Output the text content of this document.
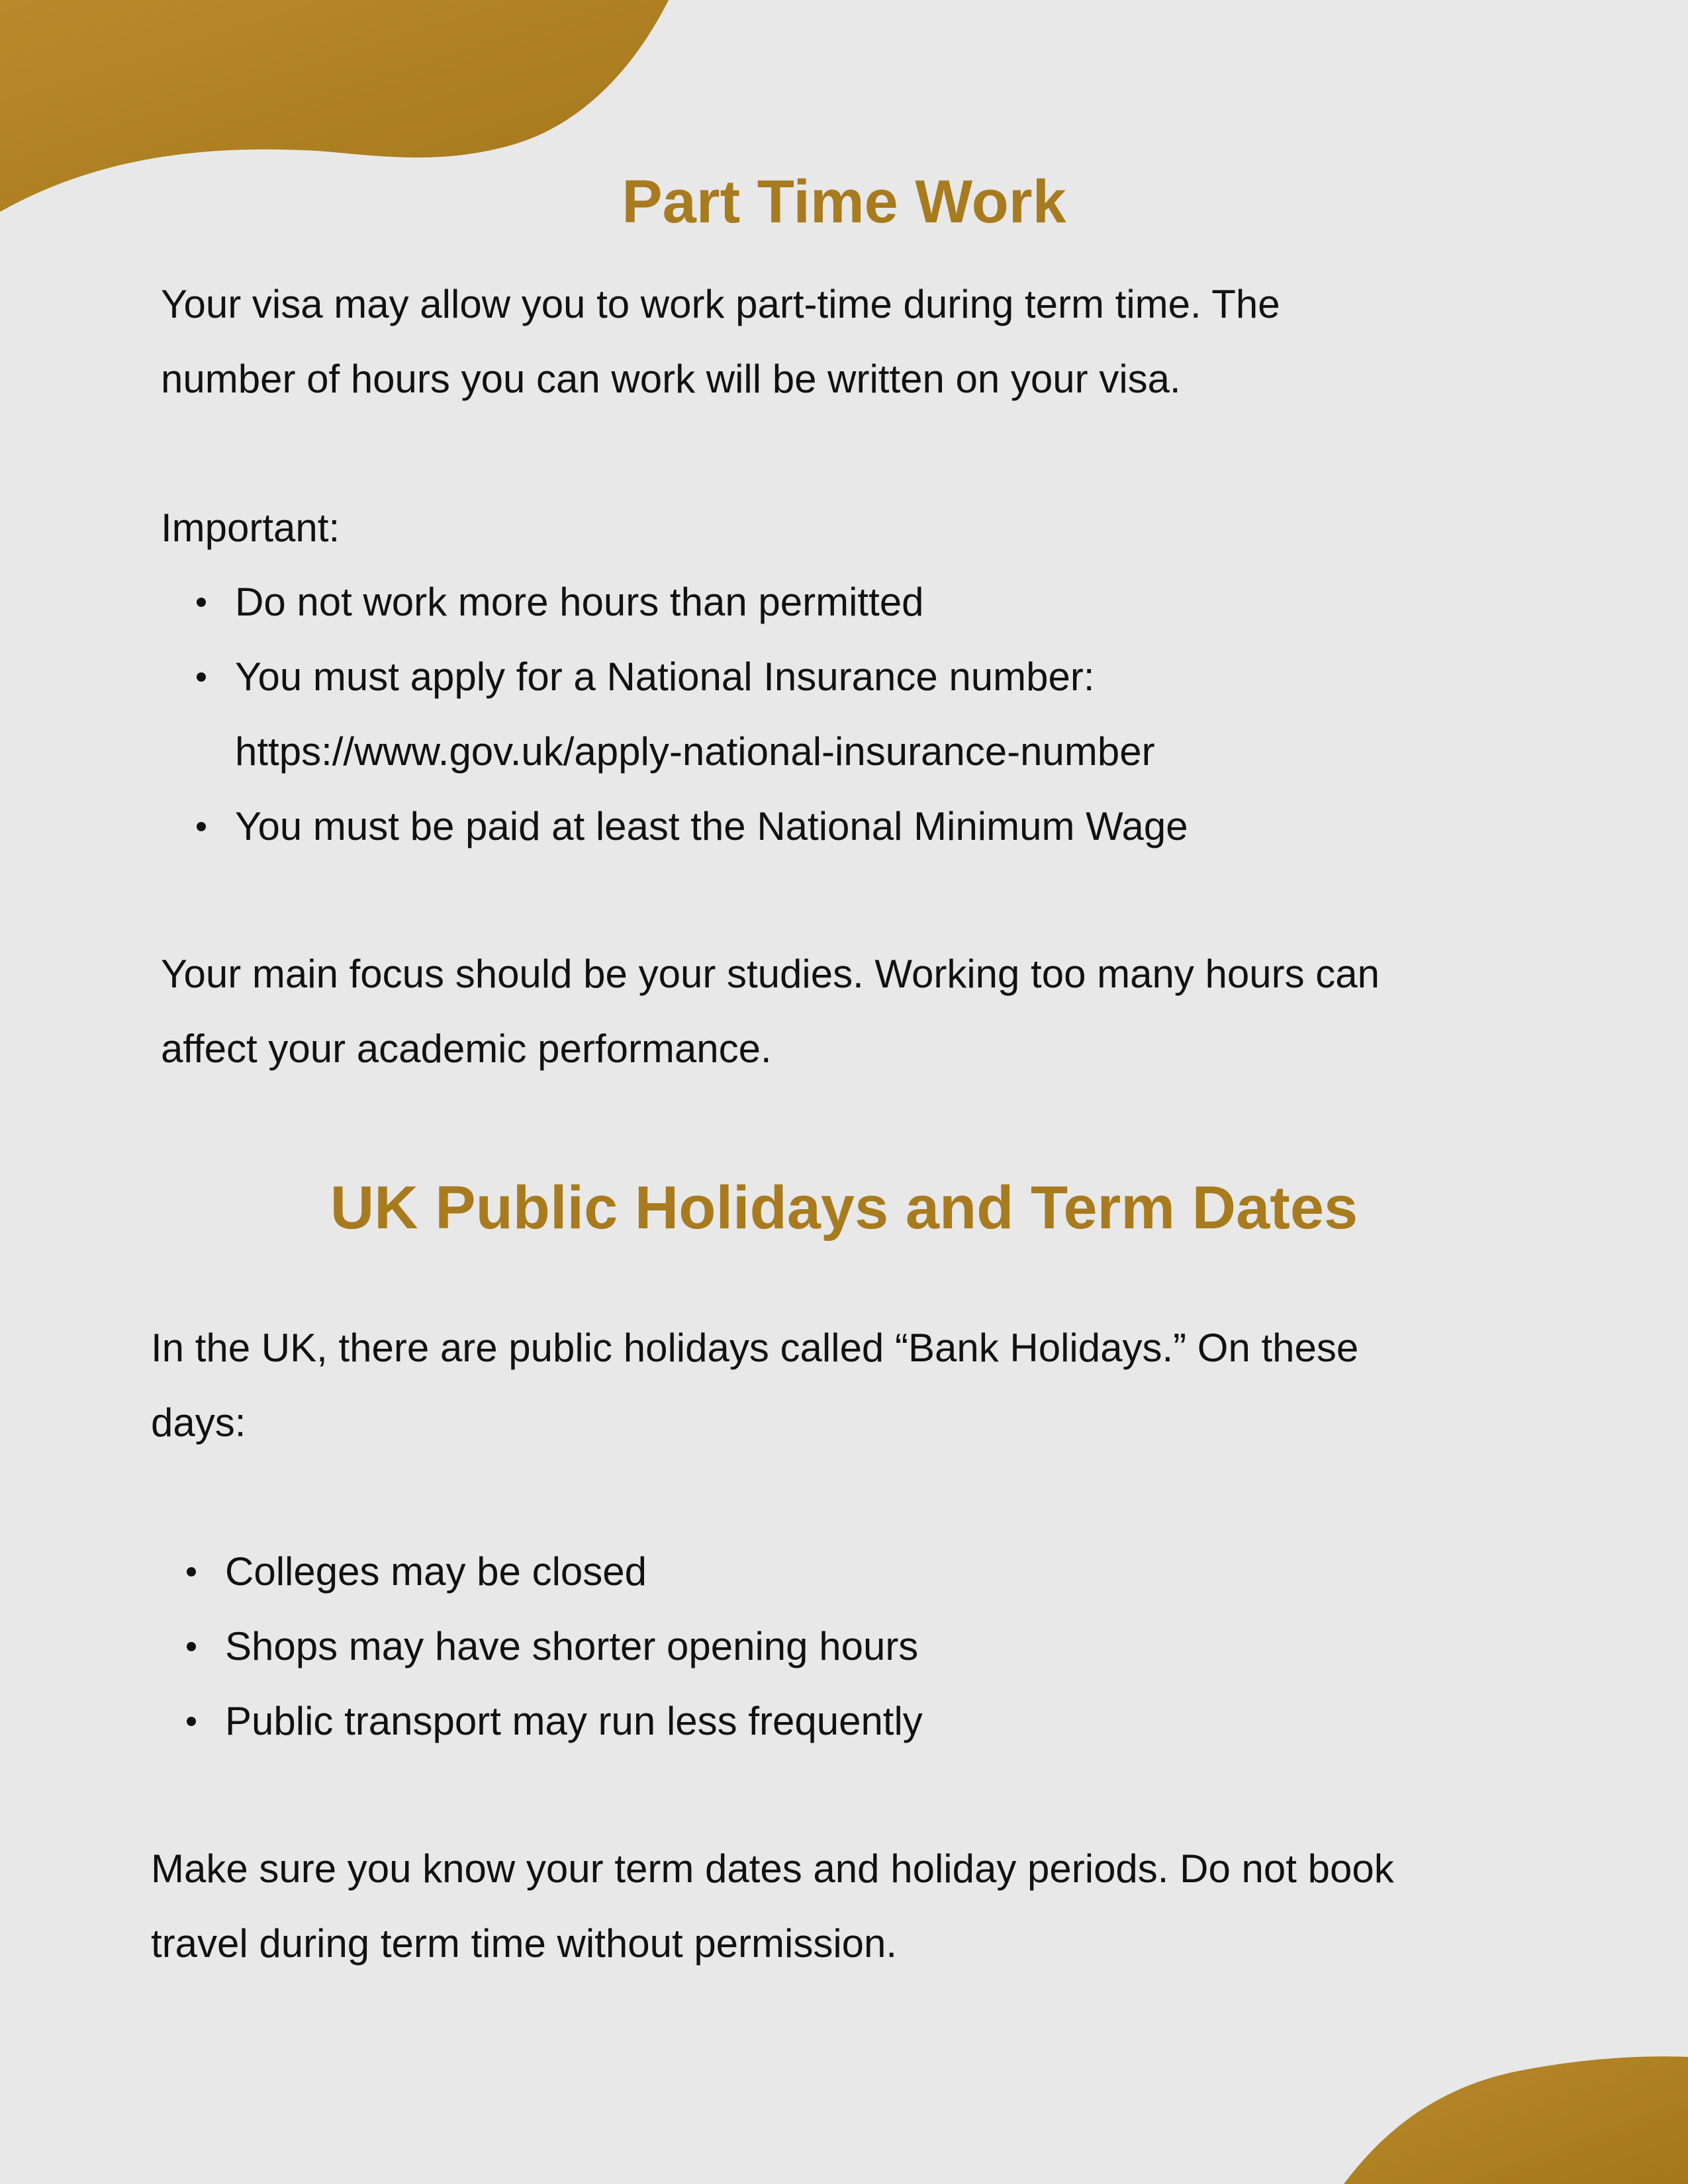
Part Time Work

Your visa may allow you to work part-time during term time. The
number of hours you can work will be written on your visa.

Important:

Do not work more hours than permitted
You must apply for a National Insurance number:
https://www.gov.uk/apply-national-insurance-number
You must be paid at least the National Minimum Wage

Your main focus should be your studies. Working too many hours can
affect your academic performance.

UK Public Holidays and Term Dates

In the UK, there are public holidays called “Bank Holidays.” On these
days:

Colleges may be closed
Shops may have shorter opening hours
Public transport may run less frequently

Make sure you know your term dates and holiday periods. Do not book
travel during term time without permission.
